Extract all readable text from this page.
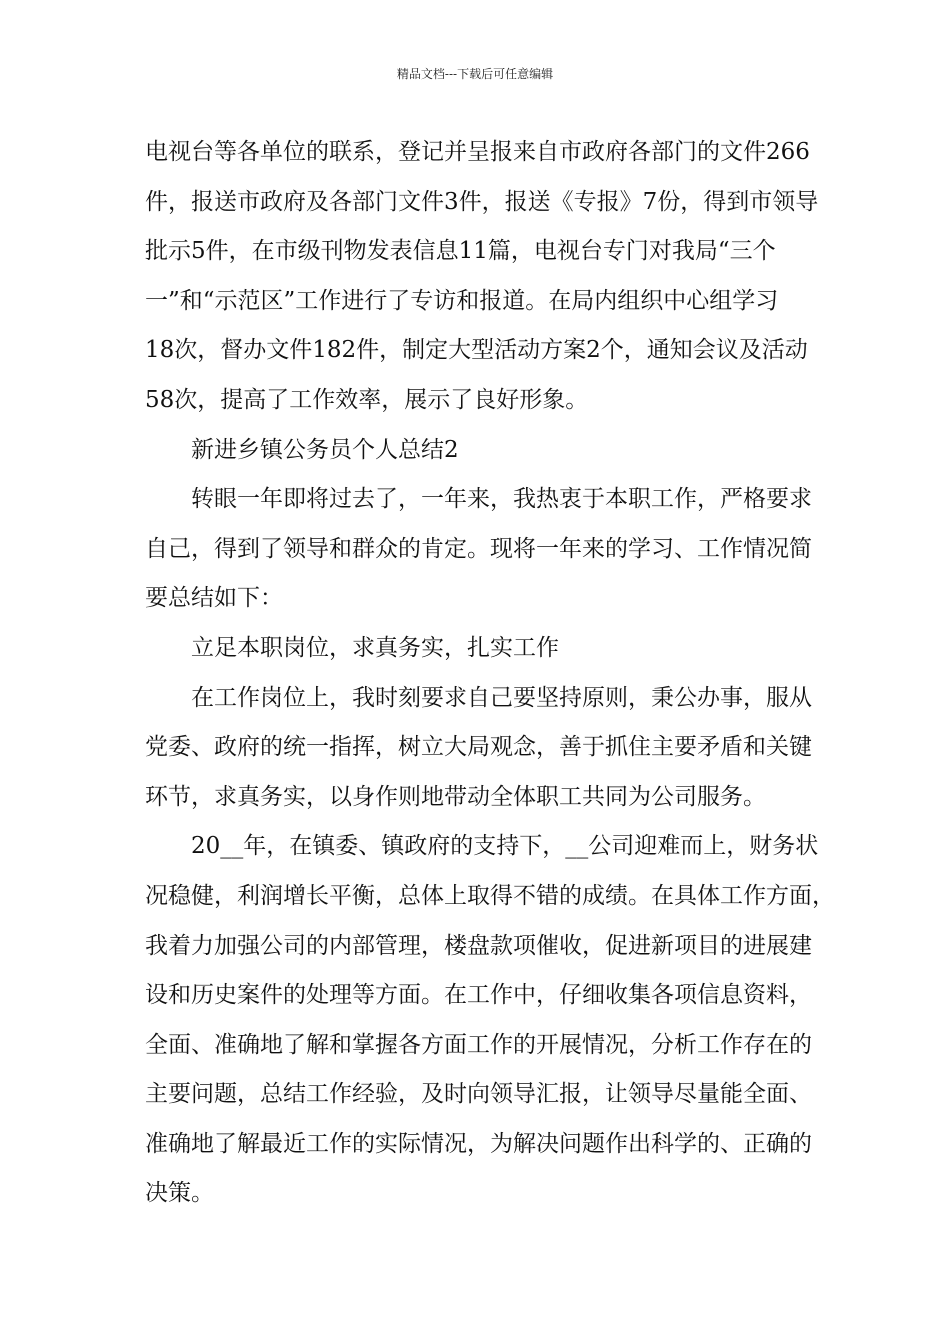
精品文档---下载后可任意编辑
电视台等各单位的联系，登记并呈报来自市政府各部门的文件266
件，报送市政府及各部门文件3件，报送《专报》7份，得到市领导
批示5件，在市级刊物发表信息11篇，电视台专门对我局“三个
一”和“示范区”工作进行了专访和报道。在局内组织中心组学习
18次，督办文件182件，制定大型活动方案2个，通知会议及活动
58次，提高了工作效率，展示了良好形象。
新进乡镇公务员个人总结2
转眼一年即将过去了，一年来，我热衷于本职工作，严格要求
自己，得到了领导和群众的肯定。现将一年来的学习、工作情况简
要总结如下：
立足本职岗位，求真务实，扎实工作
在工作岗位上，我时刻要求自己要坚持原则，秉公办事，服从
党委、政府的统一指挥，树立大局观念，善于抓住主要矛盾和关键
环节，求真务实，以身作则地带动全体职工共同为公司服务。
20__年，在镇委、镇政府的支持下，__公司迎难而上，财务状
况稳健，利润增长平衡，总体上取得不错的成绩。在具体工作方面，
我着力加强公司的内部管理，楼盘款项催收，促进新项目的进展建
设和历史案件的处理等方面。在工作中，仔细收集各项信息资料，
全面、准确地了解和掌握各方面工作的开展情况，分析工作存在的
主要问题，总结工作经验，及时向领导汇报，让领导尽量能全面、
准确地了解最近工作的实际情况，为解决问题作出科学的、正确的
决策。
